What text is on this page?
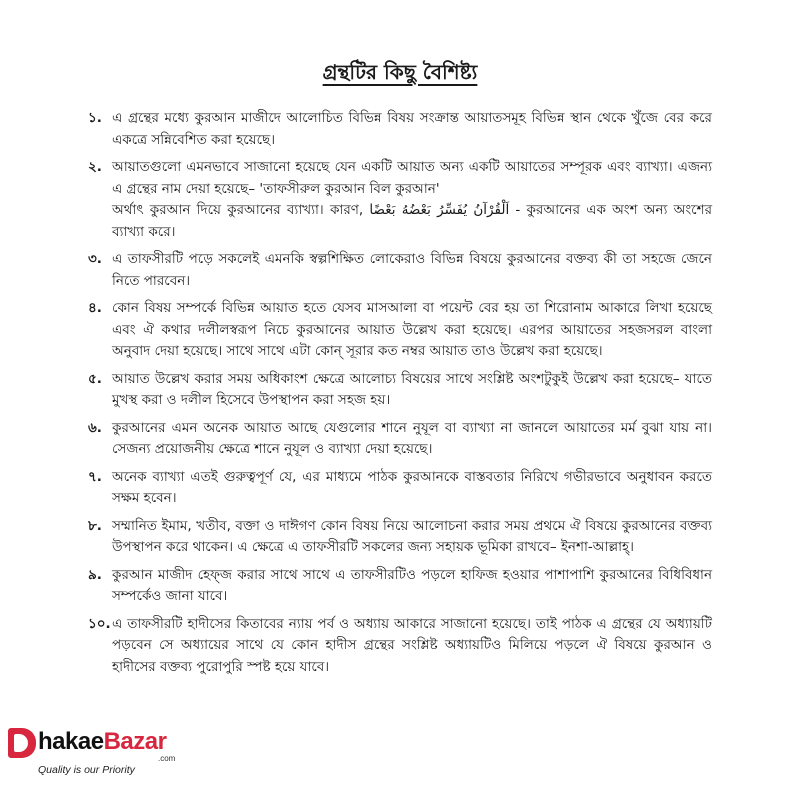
গ্রন্থটির কিছু বৈশিষ্ট্য
১. এ গ্রন্থের মধ্যে কুরআন মাজীদে আলোচিত বিভিন্ন বিষয় সংক্রান্ত আয়াতসমূহ বিভিন্ন স্থান থেকে খুঁজে বের করে একত্রে সন্নিবেশিত করা হয়েছে।

২. আয়াতগুলো এমনভাবে সাজানো হয়েছে যেন একটি আয়াত অন্য একটি আয়াতের সম্পূরক এবং ব্যাখ্যা। এজন্য এ গ্রন্থের নাম দেয়া হয়েছে– 'তাফসীরুল কুরআন বিল কুরআন'

অর্থাৎ কুরআন দিয়ে কুরআনের ব্যাখ্যা। কারণ, اَلْقُرْآنُ يُفَسِّرُ بَعْضُهُ بَعْضًا - কুরআনের এক অংশ অন্য অংশের ব্যাখ্যা করে।

৩. এ তাফসীরটি পড়ে সকলেই এমনকি স্বল্পশিক্ষিত লোকেরাও বিভিন্ন বিষয়ে কুরআনের বক্তব্য কী তা সহজে জেনে নিতে পারবেন।

৪. কোন বিষয় সম্পর্কে বিভিন্ন আয়াত হতে যেসব মাসআলা বা পয়েন্ট বের হয় তা শিরোনাম আকারে লিখা হয়েছে এবং ঐ কথার দলীলস্বরূপ নিচে কুরআনের আয়াত উল্লেখ করা হয়েছে। এরপর আয়াতের সহজসরল বাংলা অনুবাদ দেয়া হয়েছে। সাথে সাথে এটা কোন্ সূরার কত নম্বর আয়াত তাও উল্লেখ করা হয়েছে।

৫. আয়াত উল্লেখ করার সময় অধিকাংশ ক্ষেত্রে আলোচ্য বিষয়ের সাথে সংশ্লিষ্ট অংশটুকুই উল্লেখ করা হয়েছে– যাতে মুখস্থ করা ও দলীল হিসেবে উপস্থাপন করা সহজ হয়।

৬. কুরআনের এমন অনেক আয়াত আছে যেগুলোর শানে নুযূল বা ব্যাখ্যা না জানলে আয়াতের মর্ম বুঝা যায় না। সেজন্য প্রয়োজনীয় ক্ষেত্রে শানে নুযূল ও ব্যাখ্যা দেয়া হয়েছে।

৭. অনেক ব্যাখ্যা এতই গুরুত্বপূর্ণ যে, এর মাধ্যমে পাঠক কুরআনকে বাস্তবতার নিরিখে গভীরভাবে অনুধাবন করতে সক্ষম হবেন।

৮. সম্মানিত ইমাম, খতীব, বক্তা ও দাঈগণ কোন বিষয় নিয়ে আলোচনা করার সময় প্রথমে ঐ বিষয়ে কুরআনের বক্তব্য উপস্থাপন করে থাকেন। এ ক্ষেত্রে এ তাফসীরটি সকলের জন্য সহায়ক ভূমিকা রাখবে– ইনশা-আল্লাহ্।

৯. কুরআন মাজীদ হেফ্জ করার সাথে সাথে এ তাফসীরটিও পড়লে হাফিজ হওয়ার পাশাপাশি কুরআনের বিধিবিধান সম্পর্কেও জানা যাবে।

১০. এ তাফসীরটি হাদীসের কিতাবের ন্যায় পর্ব ও অধ্যায় আকারে সাজানো হয়েছে। তাই পাঠক এ গ্রন্থের যে অধ্যায়টি পড়বেন সে অধ্যায়ের সাথে যে কোন হাদীস গ্রন্থের সংশ্লিষ্ট অধ্যায়টিও মিলিয়ে পড়লে ঐ বিষয়ে কুরআন ও হাদীসের বক্তব্য পুরোপুরি স্পষ্ট হয়ে যাবে।

hakaeBazar
.com
Quality is our Priority
